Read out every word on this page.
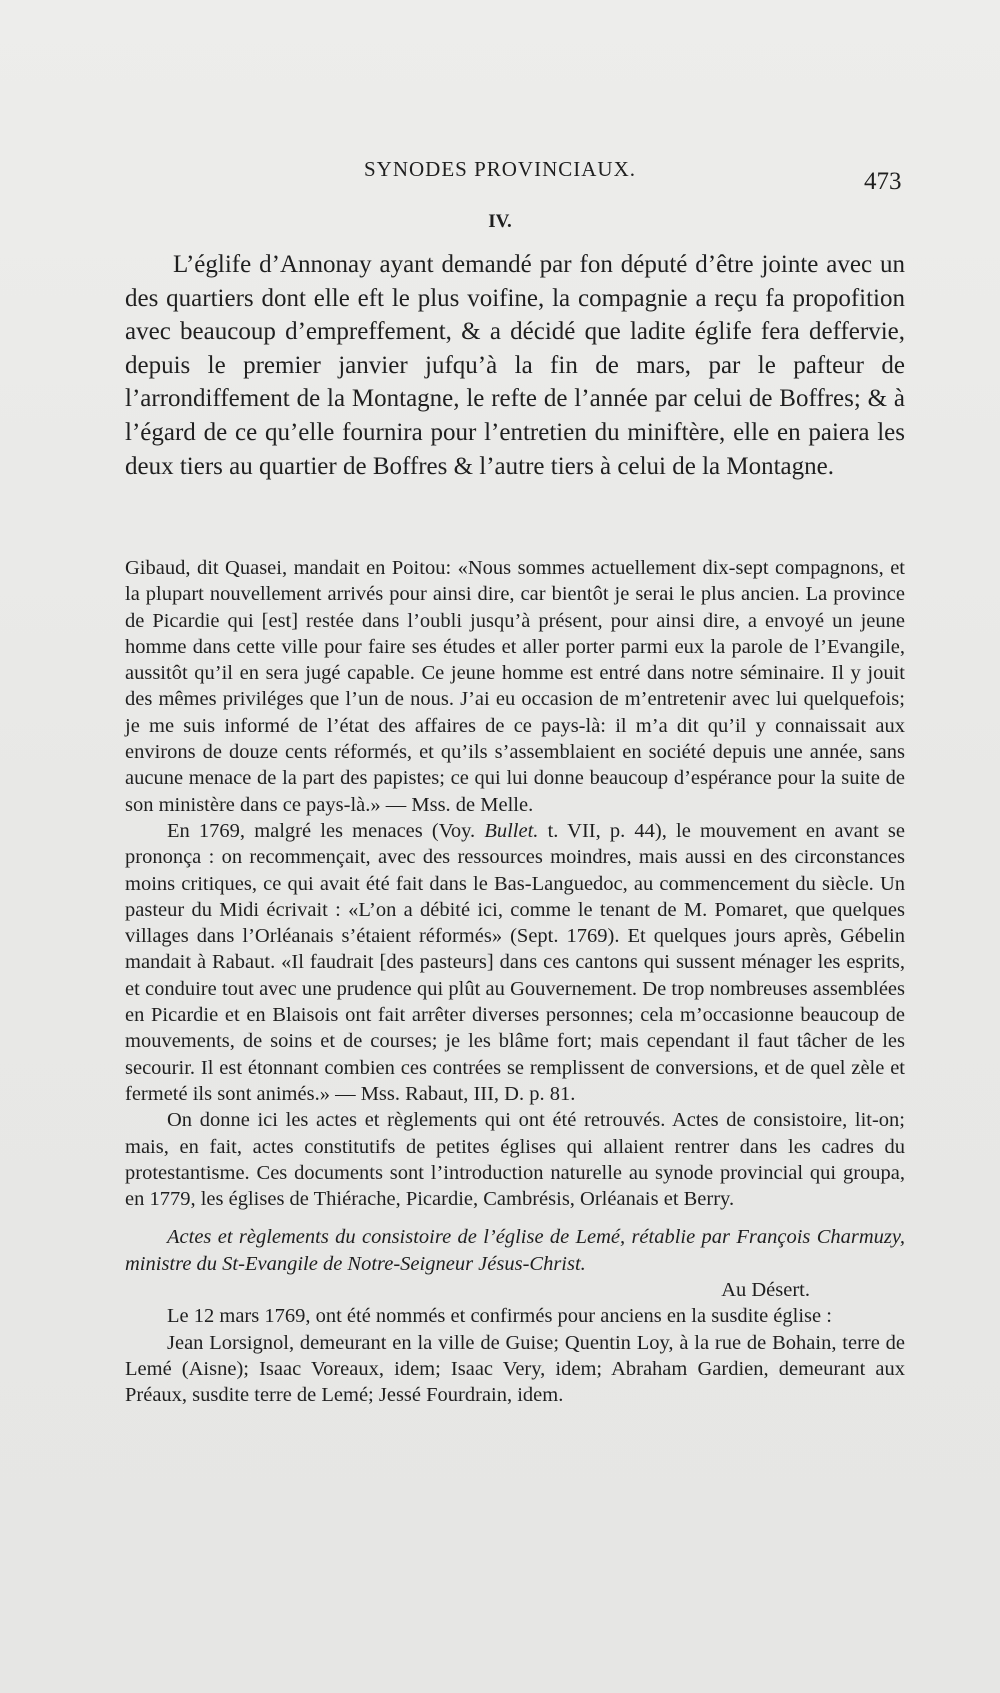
SYNODES PROVINCIAUX.	473
IV.

L’églife d’Annonay ayant demandé par fon député d’être jointe avec un des quartiers dont elle eft le plus voifine, la compagnie a reçu fa propofition avec beaucoup d’empreffement, & a décidé que ladite églife fera deffervie, depuis le premier janvier jufqu’à la fin de mars, par le pafteur de l’arrondiffement de la Montagne, le refte de l’année par celui de Boffres; & à l’égard de ce qu’elle fournira pour l’entretien du miniftère, elle en paiera les deux tiers au quartier de Boffres & l’autre tiers à celui de la Montagne.

Gibaud, dit Quasei, mandait en Poitou: «Nous sommes actuellement dix-sept compagnons, et la plupart nouvellement arrivés pour ainsi dire, car bientôt je serai le plus ancien. La province de Picardie qui [est] restée dans l’oubli jusqu’à présent, pour ainsi dire, a envoyé un jeune homme dans cette ville pour faire ses études et aller porter parmi eux la parole de l’Evangile, aussitôt qu’il en sera jugé capable. Ce jeune homme est entré dans notre séminaire. Il y jouit des mêmes priviléges que l’un de nous. J’ai eu occasion de m’entretenir avec lui quelquefois; je me suis informé de l’état des affaires de ce pays-là: il m’a dit qu’il y connaissait aux environs de douze cents réformés, et qu’ils s’assemblaient en société depuis une année, sans aucune menace de la part des papistes; ce qui lui donne beaucoup d’espérance pour la suite de son ministère dans ce pays-là.» — Mss. de Melle.

En 1769, malgré les menaces (Voy. Bullet. t. VII, p. 44), le mouvement en avant se prononça : on recommençait, avec des ressources moindres, mais aussi en des circonstances moins critiques, ce qui avait été fait dans le Bas-Languedoc, au commencement du siècle. Un pasteur du Midi écrivait : «L’on a débité ici, comme le tenant de M. Pomaret, que quelques villages dans l’Orléanais s’étaient réformés» (Sept. 1769). Et quelques jours après, Gébelin mandait à Rabaut. «Il faudrait [des pasteurs] dans ces cantons qui sussent ménager les esprits, et conduire tout avec une prudence qui plût au Gouvernement. De trop nombreuses assemblées en Picardie et en Blaisois ont fait arrêter diverses personnes; cela m’occasionne beaucoup de mouvements, de soins et de courses; je les blâme fort; mais cependant il faut tâcher de les secourir. Il est étonnant combien ces contrées se remplissent de conversions, et de quel zèle et fermeté ils sont animés.» — Mss. Rabaut, III, D. p. 81.

On donne ici les actes et règlements qui ont été retrouvés. Actes de consistoire, lit-on; mais, en fait, actes constitutifs de petites églises qui allaient rentrer dans les cadres du protestantisme. Ces documents sont l’introduction naturelle au synode provincial qui groupa, en 1779, les églises de Thiérache, Picardie, Cambrésis, Orléanais et Berry.

Actes et règlements du consistoire de l’église de Lemé, rétablie par François Charmuzy, ministre du St-Evangile de Notre-Seigneur Jésus-Christ.

Au Désert.

Le 12 mars 1769, ont été nommés et confirmés pour anciens en la susdite église :

Jean Lorsignol, demeurant en la ville de Guise; Quentin Loy, à la rue de Bohain, terre de Lemé (Aisne); Isaac Voreaux, idem; Isaac Very, idem; Abraham Gardien, demeurant aux Préaux, susdite terre de Lemé; Jessé Fourdrain, idem.
